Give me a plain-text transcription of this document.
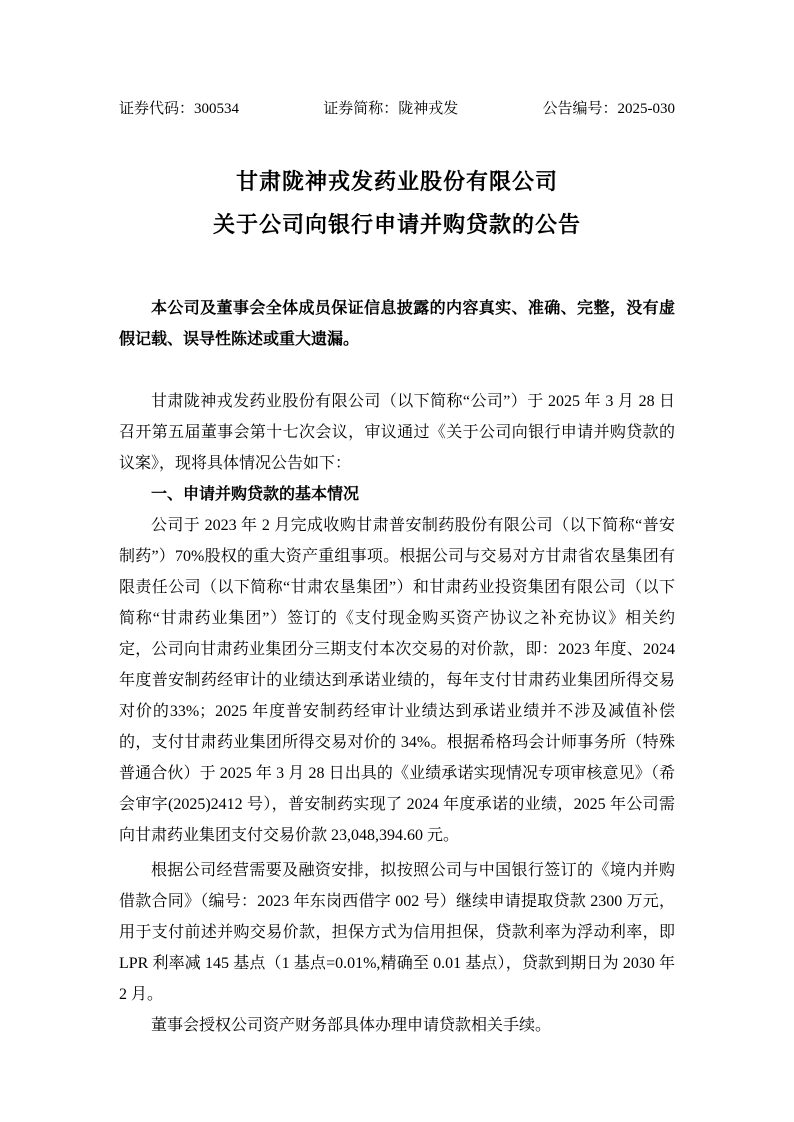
证券代码：300534	证券简称：陇神戎发	公告编号：2025-030
甘肃陇神戎发药业股份有限公司
关于公司向银行申请并购贷款的公告

本公司及董事会全体成员保证信息披露的内容真实、准确、完整，没有虚假记载、误导性陈述或重大遗漏。

甘肃陇神戎发药业股份有限公司（以下简称“公司”）于 2025 年 3 月 28 日召开第五届董事会第十七次会议，审议通过《关于公司向银行申请并购贷款的议案》，现将具体情况公告如下：

一、申请并购贷款的基本情况

公司于 2023 年 2 月完成收购甘肃普安制药股份有限公司（以下简称“普安制药”）70%股权的重大资产重组事项。根据公司与交易对方甘肃省农垦集团有限责任公司（以下简称“甘肃农垦集团”）和甘肃药业投资集团有限公司（以下简称“甘肃药业集团”）签订的《支付现金购买资产协议之补充协议》相关约定，公司向甘肃药业集团分三期支付本次交易的对价款，即：2023 年度、2024 年度普安制药经审计的业绩达到承诺业绩的，每年支付甘肃药业集团所得交易对价的33%；2025 年度普安制药经审计业绩达到承诺业绩并不涉及减值补偿的，支付甘肃药业集团所得交易对价的 34%。根据希格玛会计师事务所（特殊普通合伙）于 2025 年 3 月 28 日出具的《业绩承诺实现情况专项审核意见》（希会审字(2025)2412 号），普安制药实现了 2024 年度承诺的业绩，2025 年公司需向甘肃药业集团支付交易价款 23,048,394.60 元。

根据公司经营需要及融资安排，拟按照公司与中国银行签订的《境内并购借款合同》（编号：2023 年东岗西借字 002 号）继续申请提取贷款 2300 万元，用于支付前述并购交易价款，担保方式为信用担保，贷款利率为浮动利率，即 LPR 利率减 145 基点（1 基点=0.01%,精确至 0.01 基点），贷款到期日为 2030 年 2 月。

董事会授权公司资产财务部具体办理申请贷款相关手续。
